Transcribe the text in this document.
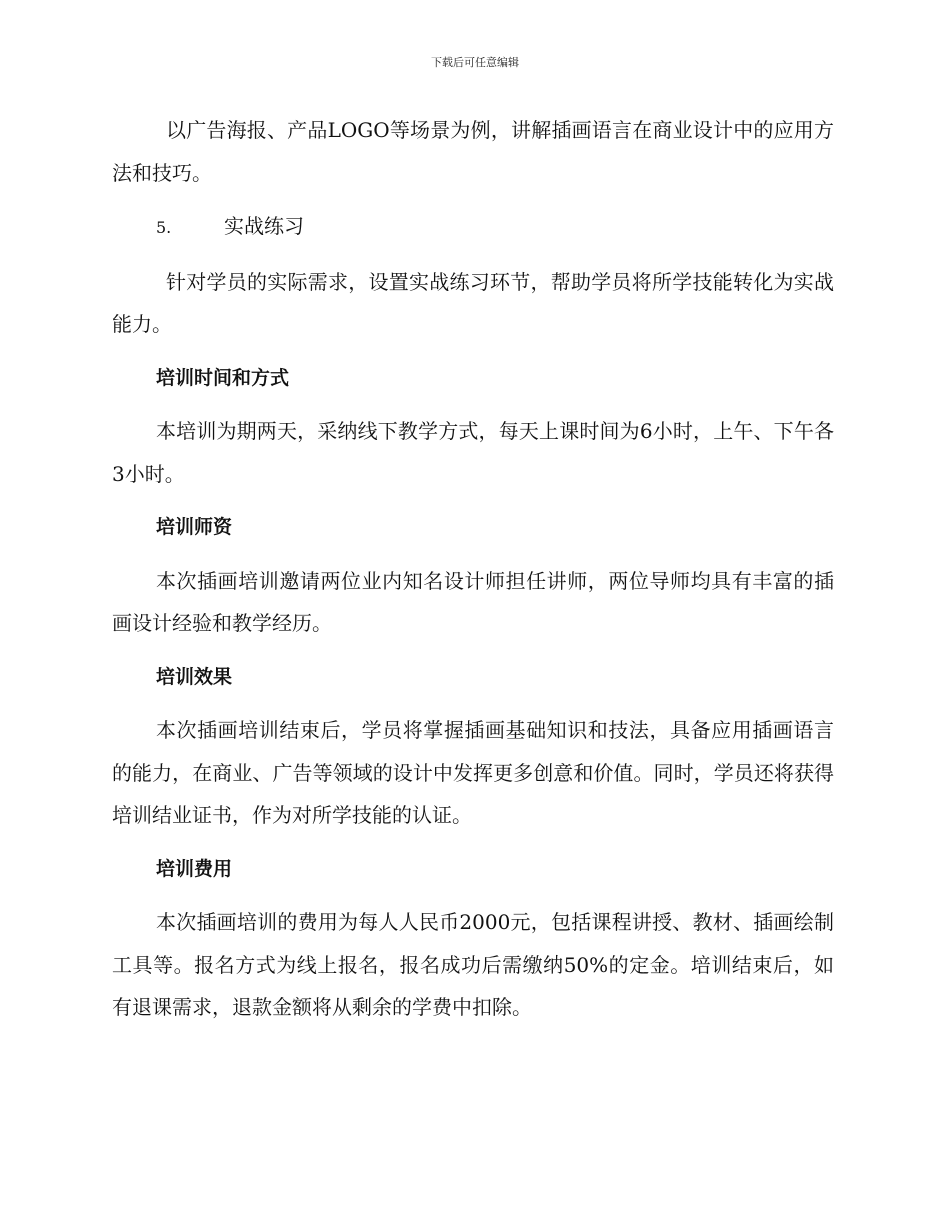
下载后可任意编辑

以广告海报、产品LOGO等场景为例，讲解插画语言在商业设计中的应用方法和技巧。

5.	实战练习

针对学员的实际需求，设置实战练习环节，帮助学员将所学技能转化为实战能力。

培训时间和方式

本培训为期两天，采纳线下教学方式，每天上课时间为6小时，上午、下午各3小时。

培训师资

本次插画培训邀请两位业内知名设计师担任讲师，两位导师均具有丰富的插画设计经验和教学经历。

培训效果

本次插画培训结束后，学员将掌握插画基础知识和技法，具备应用插画语言的能力，在商业、广告等领域的设计中发挥更多创意和价值。同时，学员还将获得培训结业证书，作为对所学技能的认证。

培训费用

本次插画培训的费用为每人人民币2000元，包括课程讲授、教材、插画绘制工具等。报名方式为线上报名，报名成功后需缴纳50%的定金。培训结束后，如有退课需求，退款金额将从剩余的学费中扣除。
